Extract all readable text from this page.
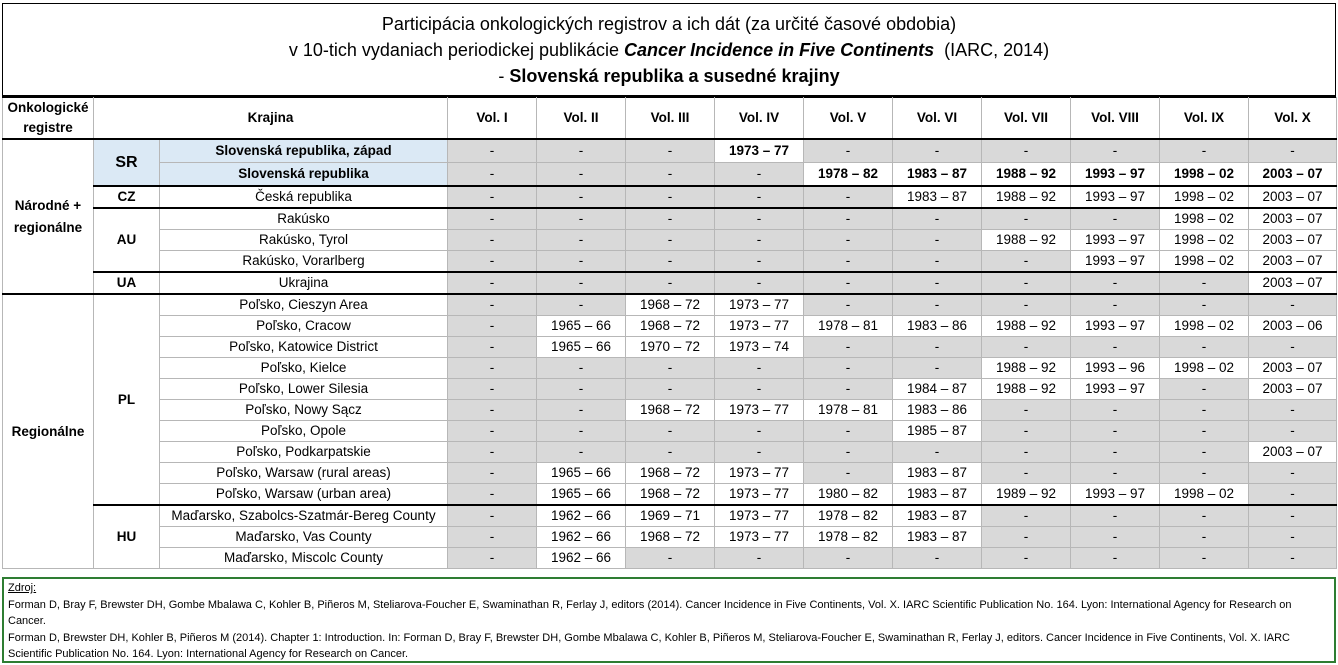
Participácia onkologických registrov a ich dát (za určité časové obdobia)
v 10-tich vydaniach periodickej publikácie Cancer Incidence in Five Continents  (IARC, 2014)
- Slovenská republika a susedné krajiny
Onkologické registre	Krajina		Vol. I	Vol. II	Vol. III	Vol. IV	Vol. V	Vol. VI	Vol. VII	Vol. VIII	Vol. IX	Vol. X
Národné + regionálne	SR	Slovenská republika, západ	-	-	-	1973 – 77	-	-	-	-	-	-
		Slovenská republika	-	-	-	-	1978 – 82	1983 – 87	1988 – 92	1993 – 97	1998 – 02	2003 – 07
	CZ	Česká republika	-	-	-	-	-	1983 – 87	1988 – 92	1993 – 97	1998 – 02	2003 – 07
	AU	Rakúsko	-	-	-	-	-	-	-	-	1998 – 02	2003 – 07
		Rakúsko, Tyrol	-	-	-	-	-	-	1988 – 92	1993 – 97	1998 – 02	2003 – 07
		Rakúsko, Vorarlberg	-	-	-	-	-	-	-	1993 – 97	1998 – 02	2003 – 07
	UA	Ukrajina	-	-	-	-	-	-	-	-	-	2003 – 07
Regionálne	PL	Poľsko, Cieszyn Area	-	-	1968 – 72	1973 – 77	-	-	-	-	-	-
		Poľsko, Cracow	-	1965 – 66	1968 – 72	1973 – 77	1978 – 81	1983 – 86	1988 – 92	1993 – 97	1998 – 02	2003 – 06
		Poľsko, Katowice District	-	1965 – 66	1970 – 72	1973 – 74	-	-	-	-	-	-
		Poľsko, Kielce	-	-	-	-	-	-	1988 – 92	1993 – 96	1998 – 02	2003 – 07
		Poľsko, Lower Silesia	-	-	-	-	-	1984 – 87	1988 – 92	1993 – 97	-	2003 – 07
		Poľsko, Nowy Sącz	-	-	1968 – 72	1973 – 77	1978 – 81	1983 – 86	-	-	-	-
		Poľsko, Opole	-	-	-	-	-	1985 – 87	-	-	-	-
		Poľsko, Podkarpatskie	-	-	-	-	-	-	-	-	-	2003 – 07
		Poľsko, Warsaw (rural areas)	-	1965 – 66	1968 – 72	1973 – 77	-	1983 – 87	-	-	-	-
		Poľsko, Warsaw (urban area)	-	1965 – 66	1968 – 72	1973 – 77	1980 – 82	1983 – 87	1989 – 92	1993 – 97	1998 – 02	-
	HU	Maďarsko, Szabolcs-Szatmár-Bereg County	-	1962 – 66	1969 – 71	1973 – 77	1978 – 82	1983 – 87	-	-	-	-
		Maďarsko, Vas County	-	1962 – 66	1968 – 72	1973 – 77	1978 – 82	1983 – 87	-	-	-	-
		Maďarsko, Miscolc County	-	1962 – 66	-	-	-	-	-	-	-	-
Zdroj:
Forman D, Bray F, Brewster DH, Gombe Mbalawa C, Kohler B, Piñeros M, Steliarova-Foucher E, Swaminathan R, Ferlay J, editors (2014). Cancer Incidence in Five Continents, Vol. X. IARC Scientific Publication No. 164. Lyon: International Agency for Research on Cancer.
Forman D, Brewster DH, Kohler B, Piñeros M (2014). Chapter 1: Introduction. In: Forman D, Bray F, Brewster DH, Gombe Mbalawa C, Kohler B, Piñeros M, Steliarova-Foucher E, Swaminathan R, Ferlay J, editors. Cancer Incidence in Five Continents, Vol. X. IARC Scientific Publication No. 164. Lyon: International Agency for Research on Cancer.
